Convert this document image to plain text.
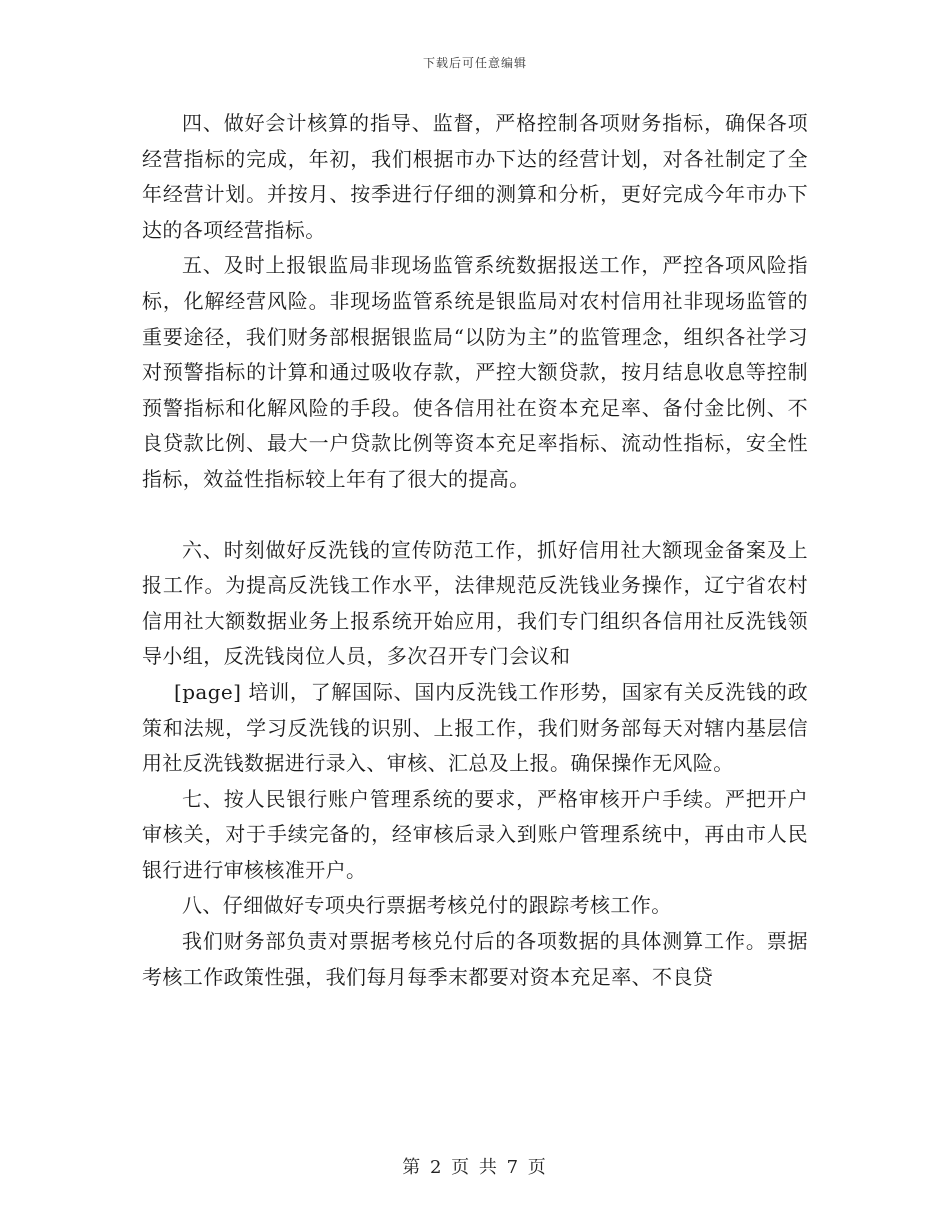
下载后可任意编辑

四、做好会计核算的指导、监督，严格控制各项财务指标，确保各项经营指标的完成，年初，我们根据市办下达的经营计划，对各社制定了全年经营计划。并按月、按季进行仔细的测算和分析，更好完成今年市办下达的各项经营指标。

五、及时上报银监局非现场监管系统数据报送工作，严控各项风险指标，化解经营风险。非现场监管系统是银监局对农村信用社非现场监管的重要途径，我们财务部根据银监局“以防为主”的监管理念，组织各社学习对预警指标的计算和通过吸收存款，严控大额贷款，按月结息收息等控制预警指标和化解风险的手段。使各信用社在资本充足率、备付金比例、不良贷款比例、最大一户贷款比例等资本充足率指标、流动性指标，安全性指标，效益性指标较上年有了很大的提高。

六、时刻做好反洗钱的宣传防范工作，抓好信用社大额现金备案及上报工作。为提高反洗钱工作水平，法律规范反洗钱业务操作，辽宁省农村信用社大额数据业务上报系统开始应用，我们专门组织各信用社反洗钱领导小组，反洗钱岗位人员，多次召开专门会议和

[page] 培训，了解国际、国内反洗钱工作形势，国家有关反洗钱的政策和法规，学习反洗钱的识别、上报工作，我们财务部每天对辖内基层信用社反洗钱数据进行录入、审核、汇总及上报。确保操作无风险。

七、按人民银行账户管理系统的要求，严格审核开户手续。严把开户审核关，对于手续完备的，经审核后录入到账户管理系统中，再由市人民银行进行审核核准开户。

八、仔细做好专项央行票据考核兑付的跟踪考核工作。

我们财务部负责对票据考核兑付后的各项数据的具体测算工作。票据考核工作政策性强，我们每月每季末都要对资本充足率、不良贷

第 2 页 共 7 页
